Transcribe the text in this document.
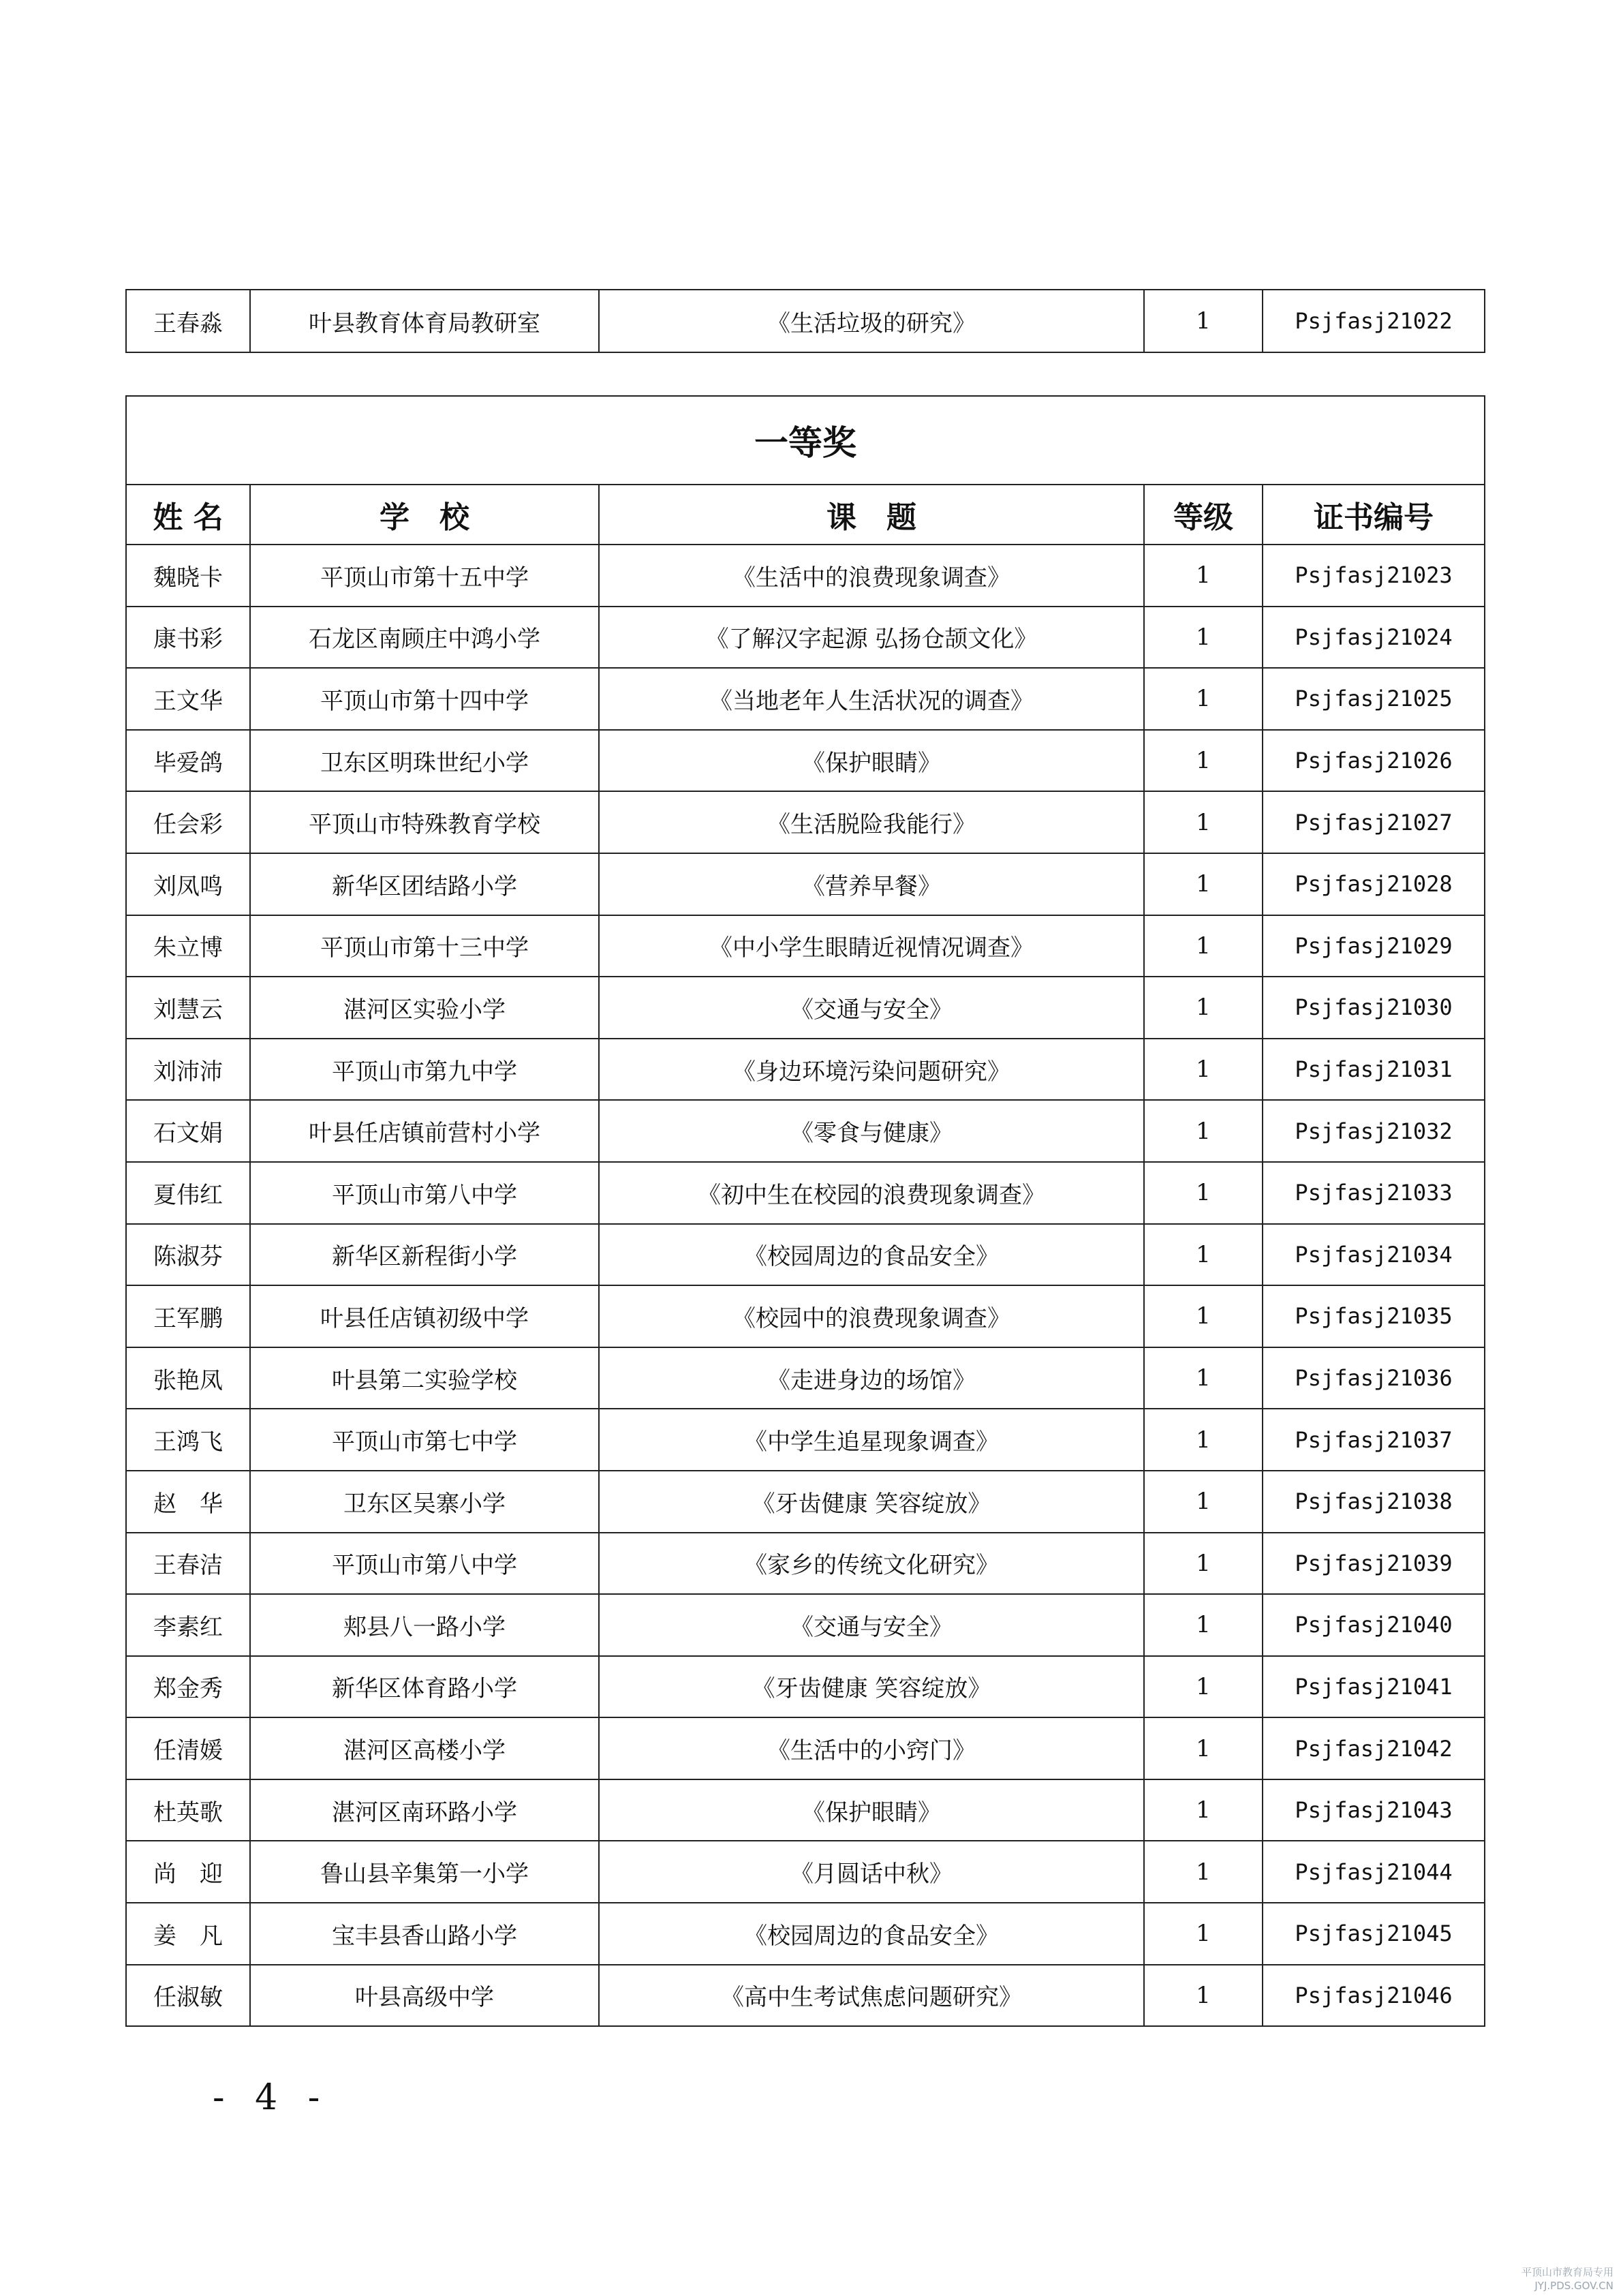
王春淼	叶县教育体育局教研室	《生活垃圾的研究》	1	Psjfasj21022
一等奖				
姓 名	学　校	课　题	等级	证书编号
魏晓卡	平顶山市第十五中学	《生活中的浪费现象调查》	1	Psjfasj21023
康书彩	石龙区南顾庄中鸿小学	《了解汉字起源 弘扬仓颉文化》	1	Psjfasj21024
王文华	平顶山市第十四中学	《当地老年人生活状况的调查》	1	Psjfasj21025
毕爱鸽	卫东区明珠世纪小学	《保护眼睛》	1	Psjfasj21026
任会彩	平顶山市特殊教育学校	《生活脱险我能行》	1	Psjfasj21027
刘凤鸣	新华区团结路小学	《营养早餐》	1	Psjfasj21028
朱立博	平顶山市第十三中学	《中小学生眼睛近视情况调查》	1	Psjfasj21029
刘慧云	湛河区实验小学	《交通与安全》	1	Psjfasj21030
刘沛沛	平顶山市第九中学	《身边环境污染问题研究》	1	Psjfasj21031
石文娟	叶县任店镇前营村小学	《零食与健康》	1	Psjfasj21032
夏伟红	平顶山市第八中学	《初中生在校园的浪费现象调查》	1	Psjfasj21033
陈淑芬	新华区新程街小学	《校园周边的食品安全》	1	Psjfasj21034
王军鹏	叶县任店镇初级中学	《校园中的浪费现象调查》	1	Psjfasj21035
张艳凤	叶县第二实验学校	《走进身边的场馆》	1	Psjfasj21036
王鸿飞	平顶山市第七中学	《中学生追星现象调查》	1	Psjfasj21037
赵　华	卫东区吴寨小学	《牙齿健康 笑容绽放》	1	Psjfasj21038
王春洁	平顶山市第八中学	《家乡的传统文化研究》	1	Psjfasj21039
李素红	郏县八一路小学	《交通与安全》	1	Psjfasj21040
郑金秀	新华区体育路小学	《牙齿健康 笑容绽放》	1	Psjfasj21041
任清媛	湛河区高楼小学	《生活中的小窍门》	1	Psjfasj21042
杜英歌	湛河区南环路小学	《保护眼睛》	1	Psjfasj21043
尚　迎	鲁山县辛集第一小学	《月圆话中秋》	1	Psjfasj21044
姜　凡	宝丰县香山路小学	《校园周边的食品安全》	1	Psjfasj21045
任淑敏	叶县高级中学	《高中生考试焦虑问题研究》	1	Psjfasj21046
- 4 -
平顶山市教育局专用
JYJ.PDS.GOV.CN
